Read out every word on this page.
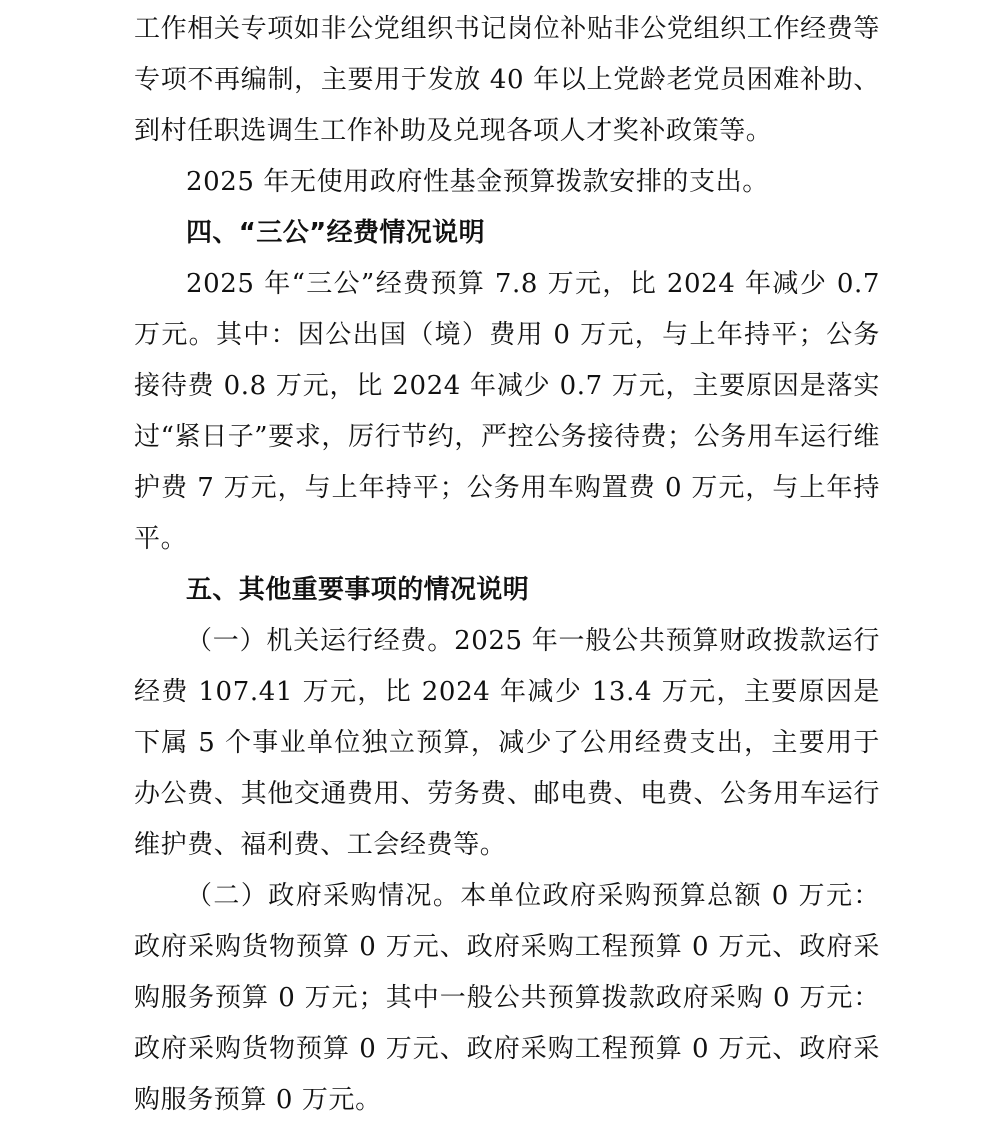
工作相关专项如非公党组织书记岗位补贴非公党组织工作经费等专项不再编制，主要用于发放 40 年以上党龄老党员困难补助、到村任职选调生工作补助及兑现各项人才奖补政策等。

2025 年无使用政府性基金预算拨款安排的支出。

四、“三公”经费情况说明

2025 年“三公”经费预算 7.8 万元，比 2024 年减少 0.7 万元。其中：因公出国（境）费用 0 万元，与上年持平；公务接待费 0.8 万元，比 2024 年减少 0.7 万元，主要原因是落实过“紧日子”要求，厉行节约，严控公务接待费；公务用车运行维护费 7 万元，与上年持平；公务用车购置费 0 万元，与上年持平。

五、其他重要事项的情况说明

（一）机关运行经费。2025 年一般公共预算财政拨款运行经费 107.41 万元，比 2024 年减少 13.4 万元，主要原因是下属 5 个事业单位独立预算，减少了公用经费支出，主要用于办公费、其他交通费用、劳务费、邮电费、电费、公务用车运行维护费、福利费、工会经费等。

（二）政府采购情况。本单位政府采购预算总额 0 万元：政府采购货物预算 0 万元、政府采购工程预算 0 万元、政府采购服务预算 0 万元；其中一般公共预算拨款政府采购 0 万元：政府采购货物预算 0 万元、政府采购工程预算 0 万元、政府采购服务预算 0 万元。
